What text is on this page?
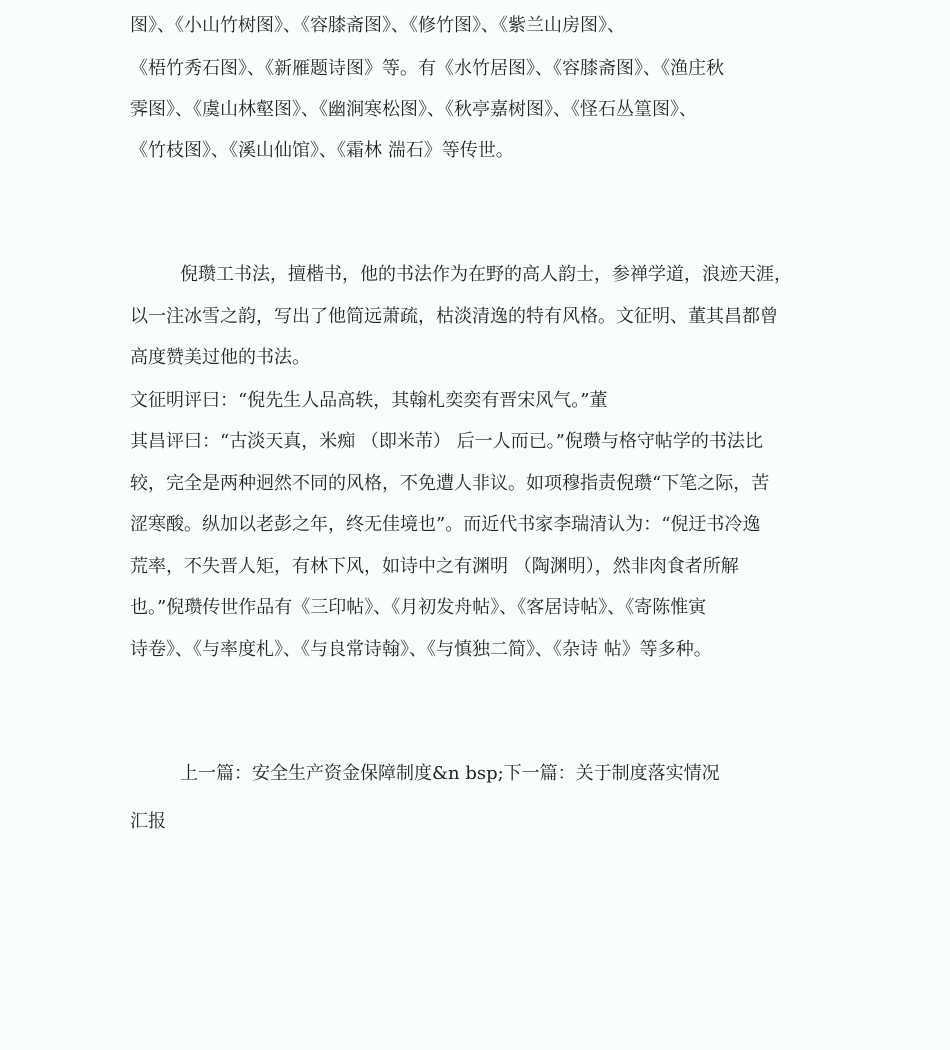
图》、《小山竹树图》、《容膝斋图》、《修竹图》、《紫兰山房图》、
《梧竹秀石图》、《新雁题诗图》等。有《水竹居图》、《容膝斋图》、《渔庄秋
霁图》、《虞山林壑图》、《幽涧寒松图》、《秋亭嘉树图》、《怪石丛篁图》、
《竹枝图》、《溪山仙馆》、《霜林 湍石》等传世。
倪瓒工书法，擅楷书，他的书法作为在野的高人韵士，参禅学道，浪迹天涯，
以一注冰雪之韵，写出了他简远萧疏，枯淡清逸的特有风格。文征明、董其昌都曾
高度赞美过他的书法。
文征明评曰：“倪先生人品高轶，其翰札奕奕有晋宋风气。”董
其昌评曰：“古淡天真，米痴 （即米芾） 后一人而已。”倪瓒与格守帖学的书法比
较，完全是两种迥然不同的风格，不免遭人非议。如项穆指责倪瓒“下笔之际，苦
涩寒酸。纵加以老彭之年，终无佳境也”。而近代书家李瑞清认为：“倪迂书冷逸
荒率，不失晋人矩，有林下风，如诗中之有渊明 （陶渊明），然非肉食者所解
也。”倪瓒传世作品有《三印帖》、《月初发舟帖》、《客居诗帖》、《寄陈惟寅
诗卷》、《与率度札》、《与良常诗翰》、《与慎独二简》、《杂诗 帖》等多种。
上一篇：安全生产资金保障制度&n bsp;下一篇：关于制度落实情况
汇报
